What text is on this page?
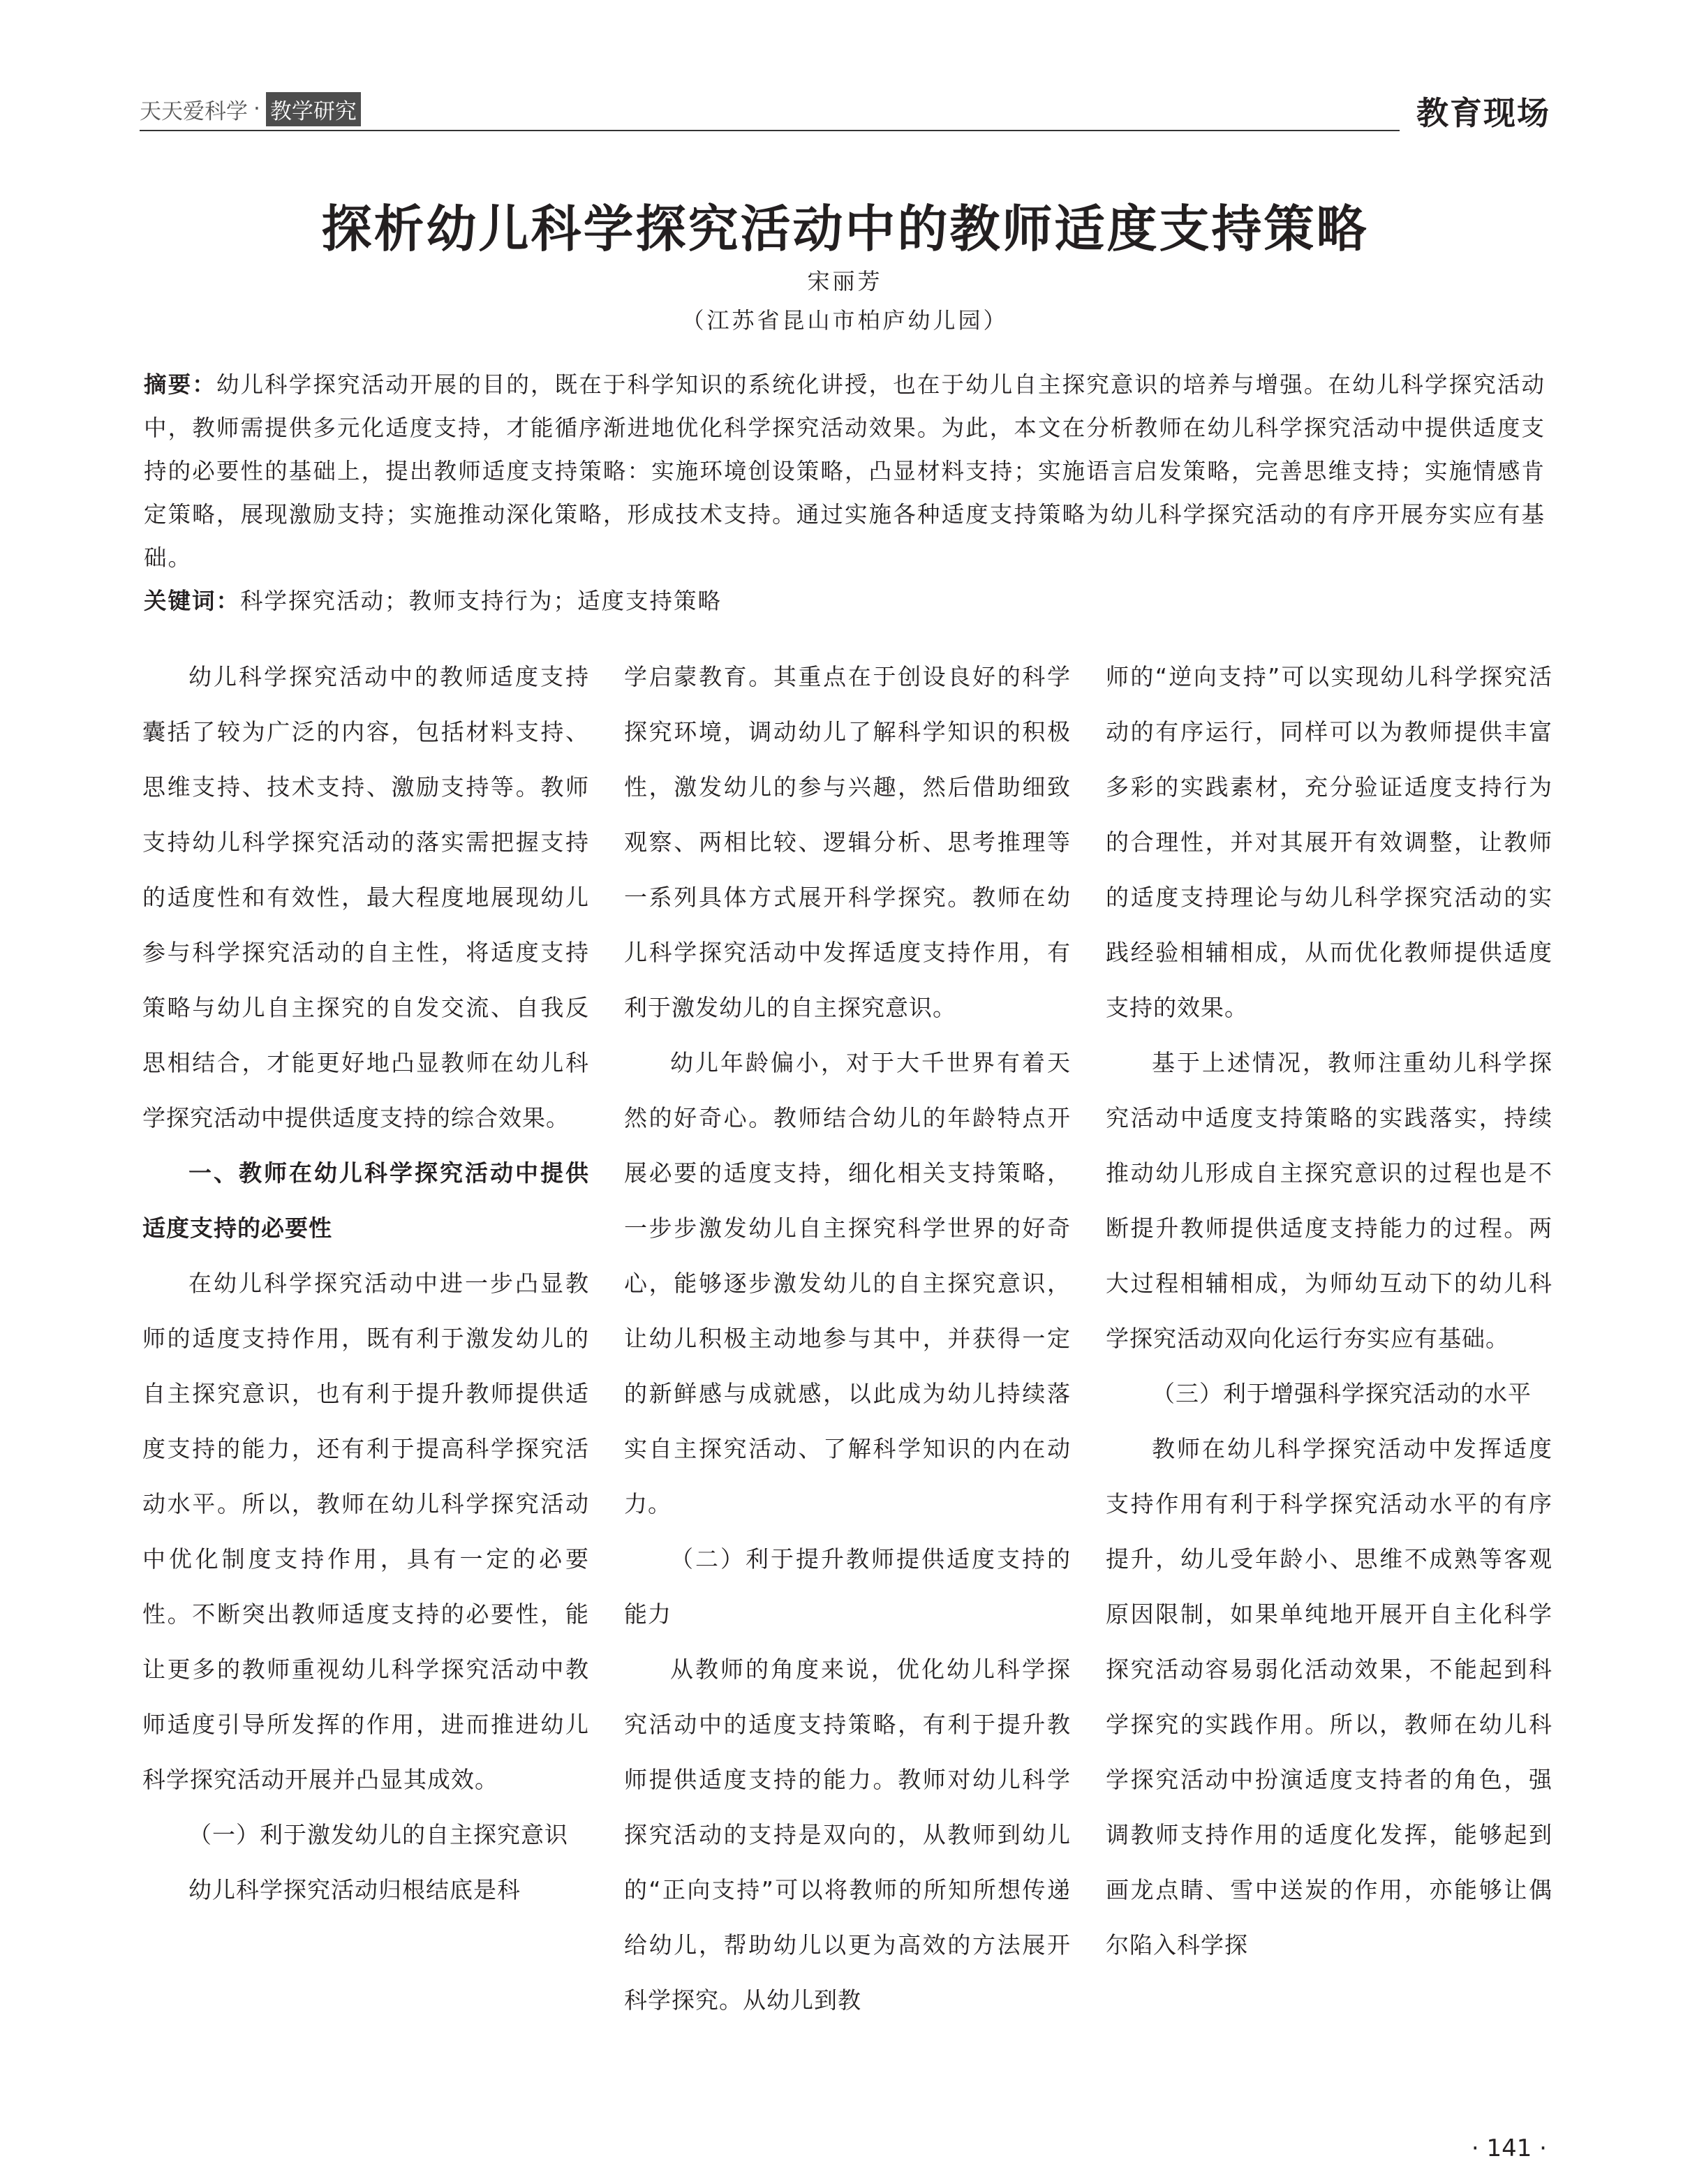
天天爱科学 · 教学研究	教育现场
探析幼儿科学探究活动中的教师适度支持策略
宋丽芳
（江苏省昆山市柏庐幼儿园）
摘要：幼儿科学探究活动开展的目的，既在于科学知识的系统化讲授，也在于幼儿自主探究意识的培养与增强。在幼儿科学探究活动中，教师需提供多元化适度支持，才能循序渐进地优化科学探究活动效果。为此，本文在分析教师在幼儿科学探究活动中提供适度支持的必要性的基础上，提出教师适度支持策略：实施环境创设策略，凸显材料支持；实施语言启发策略，完善思维支持；实施情感肯定策略，展现激励支持；实施推动深化策略，形成技术支持。通过实施各种适度支持策略为幼儿科学探究活动的有序开展夯实应有基础。
关键词：科学探究活动；教师支持行为；适度支持策略

幼儿科学探究活动中的教师适度支持囊括了较为广泛的内容，包括材料支持、思维支持、技术支持、激励支持等。教师支持幼儿科学探究活动的落实需把握支持的适度性和有效性，最大程度地展现幼儿参与科学探究活动的自主性，将适度支持策略与幼儿自主探究的自发交流、自我反思相结合，才能更好地凸显教师在幼儿科学探究活动中提供适度支持的综合效果。

一、教师在幼儿科学探究活动中提供适度支持的必要性

在幼儿科学探究活动中进一步凸显教师的适度支持作用，既有利于激发幼儿的自主探究意识，也有利于提升教师提供适度支持的能力，还有利于提高科学探究活动水平。所以，教师在幼儿科学探究活动中优化制度支持作用，具有一定的必要性。不断突出教师适度支持的必要性，能让更多的教师重视幼儿科学探究活动中教师适度引导所发挥的作用，进而推进幼儿科学探究活动开展并凸显其成效。

（一）利于激发幼儿的自主探究意识

幼儿科学探究活动归根结底是科

学启蒙教育。其重点在于创设良好的科学探究环境，调动幼儿了解科学知识的积极性，激发幼儿的参与兴趣，然后借助细致观察、两相比较、逻辑分析、思考推理等一系列具体方式展开科学探究。教师在幼儿科学探究活动中发挥适度支持作用，有利于激发幼儿的自主探究意识。

幼儿年龄偏小，对于大千世界有着天然的好奇心。教师结合幼儿的年龄特点开展必要的适度支持，细化相关支持策略，一步步激发幼儿自主探究科学世界的好奇心，能够逐步激发幼儿的自主探究意识，让幼儿积极主动地参与其中，并获得一定的新鲜感与成就感，以此成为幼儿持续落实自主探究活动、了解科学知识的内在动力。

（二）利于提升教师提供适度支持的能力

从教师的角度来说，优化幼儿科学探究活动中的适度支持策略，有利于提升教师提供适度支持的能力。教师对幼儿科学探究活动的支持是双向的，从教师到幼儿的“正向支持”可以将教师的所知所想传递给幼儿，帮助幼儿以更为高效的方法展开科学探究。从幼儿到教

师的“逆向支持”可以实现幼儿科学探究活动的有序运行，同样可以为教师提供丰富多彩的实践素材，充分验证适度支持行为的合理性，并对其展开有效调整，让教师的适度支持理论与幼儿科学探究活动的实践经验相辅相成，从而优化教师提供适度支持的效果。

基于上述情况，教师注重幼儿科学探究活动中适度支持策略的实践落实，持续推动幼儿形成自主探究意识的过程也是不断提升教师提供适度支持能力的过程。两大过程相辅相成，为师幼互动下的幼儿科学探究活动双向化运行夯实应有基础。

（三）利于增强科学探究活动的水平

教师在幼儿科学探究活动中发挥适度支持作用有利于科学探究活动水平的有序提升，幼儿受年龄小、思维不成熟等客观原因限制，如果单纯地开展开自主化科学探究活动容易弱化活动效果，不能起到科学探究的实践作用。所以，教师在幼儿科学探究活动中扮演适度支持者的角色，强调教师支持作用的适度化发挥，能够起到画龙点睛、雪中送炭的作用，亦能够让偶尔陷入科学探

· 141 ·
